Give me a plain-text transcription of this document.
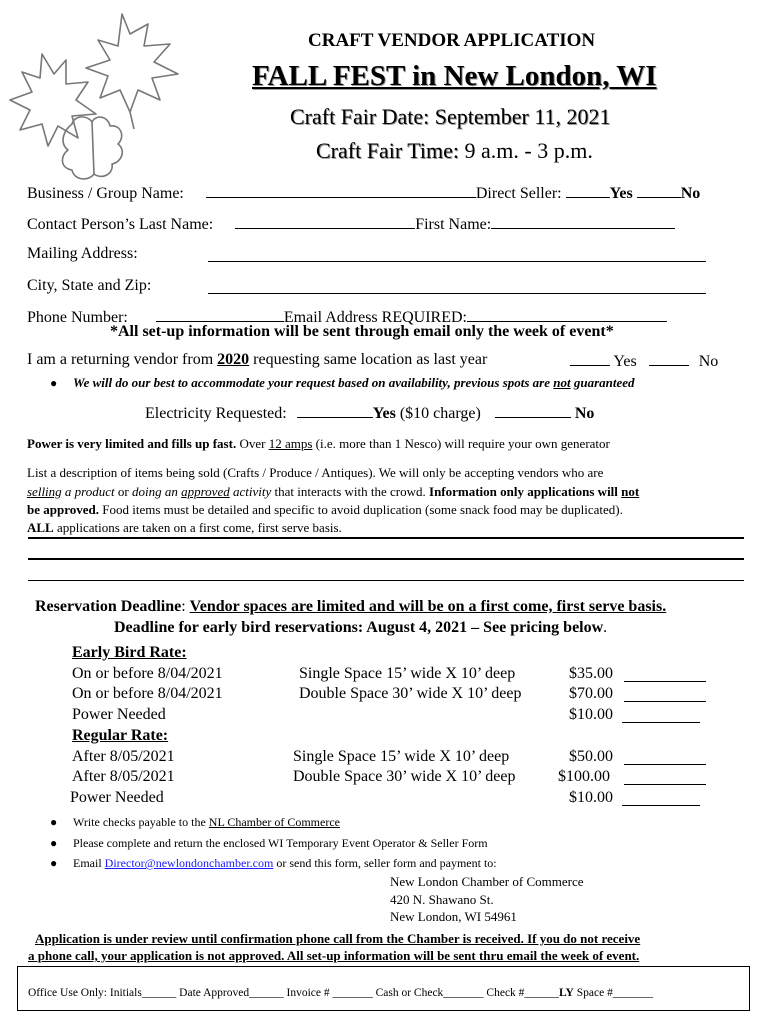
CRAFT VENDOR APPLICATION
FALL FEST in New London, WI
Craft Fair Date: September 11, 2021
Craft Fair Time: 9 a.m. - 3 p.m.
Business / Group Name:	Direct Seller:	Yes	No
Contact Person’s Last Name:	First Name:
Mailing Address:
City, State and Zip:
Phone Number:	Email Address REQUIRED:
*All set-up information will be sent through email only the week of event*
I am a returning vendor from 2020 requesting same location as last year	Yes	No
● We will do our best to accommodate your request based on availability, previous spots are not guaranteed
Electricity Requested:	Yes ($10 charge)	No
Power is very limited and fills up fast. Over 12 amps (i.e. more than 1 Nesco) will require your own generator
List a description of items being sold (Crafts / Produce / Antiques). We will only be accepting vendors who are
selling a product or doing an approved activity that interacts with the crowd. Information only applications will not
be approved. Food items must be detailed and specific to avoid duplication (some snack food may be duplicated).
ALL applications are taken on a first come, first serve basis.
Reservation Deadline: Vendor spaces are limited and will be on a first come, first serve basis.
Deadline for early bird reservations: August 4, 2021 – See pricing below.
Early Bird Rate:
On or before 8/04/2021	Single Space 15’ wide X 10’ deep	$35.00
On or before 8/04/2021	Double Space 30’ wide X 10’ deep	$70.00
Power Needed	$10.00
Regular Rate:
After 8/05/2021	Single Space 15’ wide X 10’ deep	$50.00
After 8/05/2021	Double Space 30’ wide X 10’ deep	$100.00
Power Needed	$10.00
● Write checks payable to the NL Chamber of Commerce
● Please complete and return the enclosed WI Temporary Event Operator & Seller Form
● Email Director@newlondonchamber.com or send this form, seller form and payment to:
New London Chamber of Commerce
420 N. Shawano St.
New London, WI 54961
Application is under review until confirmation phone call from the Chamber is received. If you do not receive
a phone call, your application is not approved. All set-up information will be sent thru email the week of event.
Office Use Only: Initials______ Date Approved______ Invoice # _______ Cash or Check_______ Check #______LY Space #_______
